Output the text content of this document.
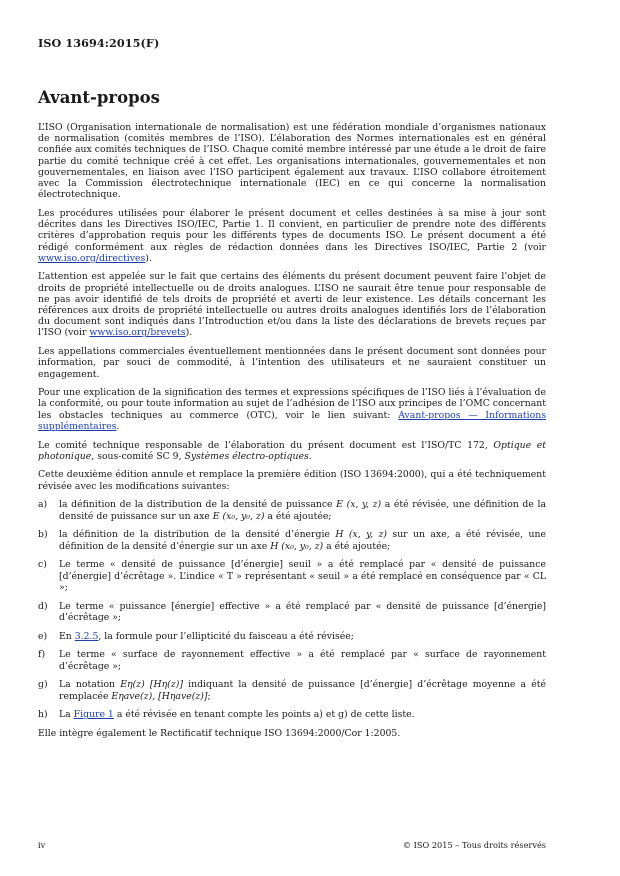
ISO 13694:2015(F)
Avant-propos

L’ISO (Organisation internationale de normalisation) est une fédération mondiale d’organismes nationaux de normalisation (comités membres de l’ISO). L’élaboration des Normes internationales est en général confiée aux comités techniques de l’ISO. Chaque comité membre intéressé par une étude a le droit de faire partie du comité technique créé à cet effet. Les organisations internationales, gouvernementales et non gouvernementales, en liaison avec l’ISO participent également aux travaux. L’ISO collabore étroitement avec la Commission électrotechnique internationale (IEC) en ce qui concerne la normalisation électrotechnique.

Les procédures utilisées pour élaborer le présent document et celles destinées à sa mise à jour sont décrites dans les Directives ISO/IEC, Partie 1. Il convient, en particulier de prendre note des différents critères d’approbation requis pour les différents types de documents ISO. Le présent document a été rédigé conformément aux règles de rédaction données dans les Directives ISO/IEC, Partie 2 (voir www.iso.org/directives).

L’attention est appelée sur le fait que certains des éléments du présent document peuvent faire l’objet de droits de propriété intellectuelle ou de droits analogues. L’ISO ne saurait être tenue pour responsable de ne pas avoir identifié de tels droits de propriété et averti de leur existence. Les détails concernant les références aux droits de propriété intellectuelle ou autres droits analogues identifiés lors de l’élaboration du document sont indiqués dans l’Introduction et/ou dans la liste des déclarations de brevets reçues par l’ISO (voir www.iso.org/brevets).

Les appellations commerciales éventuellement mentionnées dans le présent document sont données pour information, par souci de commodité, à l’intention des utilisateurs et ne sauraient constituer un engagement.

Pour une explication de la signification des termes et expressions spécifiques de l’ISO liés à l’évaluation de la conformité, ou pour toute information au sujet de l’adhésion de l’ISO aux principes de l’OMC concernant les obstacles techniques au commerce (OTC), voir le lien suivant: Avant-propos — Informations supplémentaires.

Le comité technique responsable de l’élaboration du présent document est l’ISO/TC 172, Optique et photonique, sous-comité SC 9, Systèmes électro-optiques.

Cette deuxième édition annule et remplace la première édition (ISO 13694:2000), qui a été techniquement révisée avec les modifications suivantes:

a)	la définition de la distribution de la densité de puissance E (x, y, z) a été révisée, une définition de la densité de puissance sur un axe E (x₀, y₀, z) a été ajoutée;
b)	la définition de la distribution de la densité d’énergie H (x, y, z) sur un axe, a été révisée, une définition de la densité d’énergie sur un axe H (x₀, y₀, z) a été ajoutée;
c)	Le terme « densité de puissance [d’énergie] seuil » a été remplacé par « densité de puissance [d’énergie] d’écrêtage ». L’indice « T » représentant « seuil » a été remplacé en conséquence par « CL »;
d)	Le terme « puissance [énergie] effective » a été remplacé par « densité de puissance [d’énergie] d’écrêtage »;
e)	En 3.2.5, la formule pour l’ellipticité du faisceau a été révisée;
f)	Le terme « surface de rayonnement effective » a été remplacé par « surface de rayonnement d’écrêtage »;
g)	La notation Eη(z) [Hη(z)] indiquant la densité de puissance [d’énergie] d’écrêtage moyenne a été remplacée Eηave(z), [Hηave(z)];
h)	La Figure 1 a été révisée en tenant compte les points a) et g) de cette liste.

Elle intègre également le Rectificatif technique ISO 13694:2000/Cor 1:2005.

iv	© ISO 2015 – Tous droits réservés
